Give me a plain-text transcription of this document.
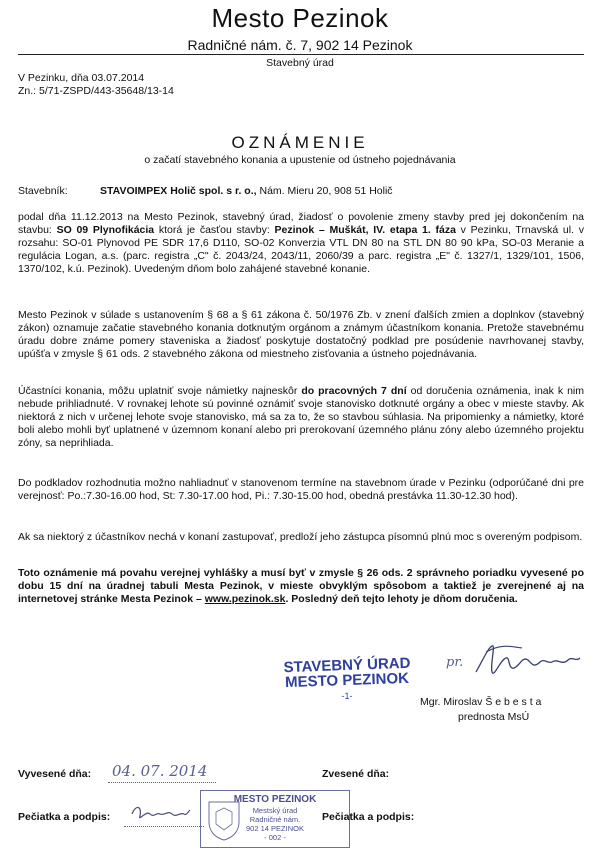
Mesto Pezinok
Radničné nám. č. 7, 902 14 Pezinok
Stavebný úrad
V Pezinku, dňa 03.07.2014
Zn.: 5/71-ZSPD/443-35648/13-14
OZNÁMENIE
o začatí stavebného konania a upustenie od ústneho pojednávania
Stavebník:	STAVOIMPEX Holič spol. s r. o., Nám. Mieru 20, 908 51 Holič
podal dňa 11.12.2013 na Mesto Pezinok, stavebný úrad, žiadosť o povolenie zmeny stavby pred jej dokončením na stavbu: SO 09 Plynofikácia ktorá je časťou stavby: Pezinok – Muškát, IV. etapa 1. fáza v Pezinku, Trnavská ul. v rozsahu: SO-01 Plynovod PE SDR 17,6 D110, SO-02 Konverzia VTL DN 80 na STL DN 80 90 kPa, SO-03 Meranie a regulácia Logan, a.s. (parc. registra „C" č. 2043/24, 2043/11, 2060/39 a parc. registra „E" č. 1327/1, 1329/101, 1506, 1370/102, k.ú. Pezinok). Uvedeným dňom bolo zahájené stavebné konanie.
Mesto Pezinok v súlade s ustanovením § 68 a § 61 zákona č. 50/1976 Zb. v znení ďalších zmien a doplnkov (stavebný zákon) oznamuje začatie stavebného konania dotknutým orgánom a známym účastníkom konania. Pretože stavebnému úradu dobre známe pomery staveniska a žiadosť poskytuje dostatočný podklad pre posúdenie navrhovanej stavby, upúšťa v zmysle § 61 ods. 2 stavebného zákona od miestneho zisťovania a ústneho pojednávania.
Účastníci konania, môžu uplatniť svoje námietky najneskôr do pracovných 7 dní od doručenia oznámenia, inak k nim nebude prihliadnuté. V rovnakej lehote sú povinné oznámiť svoje stanovisko dotknuté orgány a obec v mieste stavby. Ak niektorá z nich v určenej lehote svoje stanovisko, má sa za to, že so stavbou súhlasia. Na pripomienky a námietky, ktoré boli alebo mohli byť uplatnené v územnom konaní alebo pri prerokovaní územného plánu zóny alebo územného projektu zóny, sa neprihliada.
Do podkladov rozhodnutia možno nahliadnuť v stanovenom termíne na stavebnom úrade v Pezinku (odporúčané dni pre verejnosť: Po.:7.30-16.00 hod, St: 7.30-17.00 hod, Pi.: 7.30-15.00 hod, obedná prestávka 11.30-12.30 hod).
Ak sa niektorý z účastníkov nechá v konaní zastupovať, predloží jeho zástupca písomnú plnú moc s overeným podpisom.
Toto oznámenie má povahu verejnej vyhlášky a musí byť v zmysle § 26 ods. 2 správneho poriadku vyvesené po dobu 15 dní na úradnej tabuli Mesta Pezinok, v mieste obvyklým spôsobom a taktiež je zverejnené aj na internetovej stránke Mesta Pezinok – www.pezinok.sk. Posledný deň tejto lehoty je dňom doručenia.
STAVEBNÝ ÚRAD
MESTO PEZINOK
-1-
pr.
Mgr. Miroslav Š e b e s t a
prednosta MsÚ
Vyvesené dňa: 04. 07. 2014	Zvesené dňa:
Pečiatka a podpis:
MESTO PEZINOK
Mestský úrad
Radničné nám.
902 14 PEZINOK
- 002 -
Pečiatka a podpis:
